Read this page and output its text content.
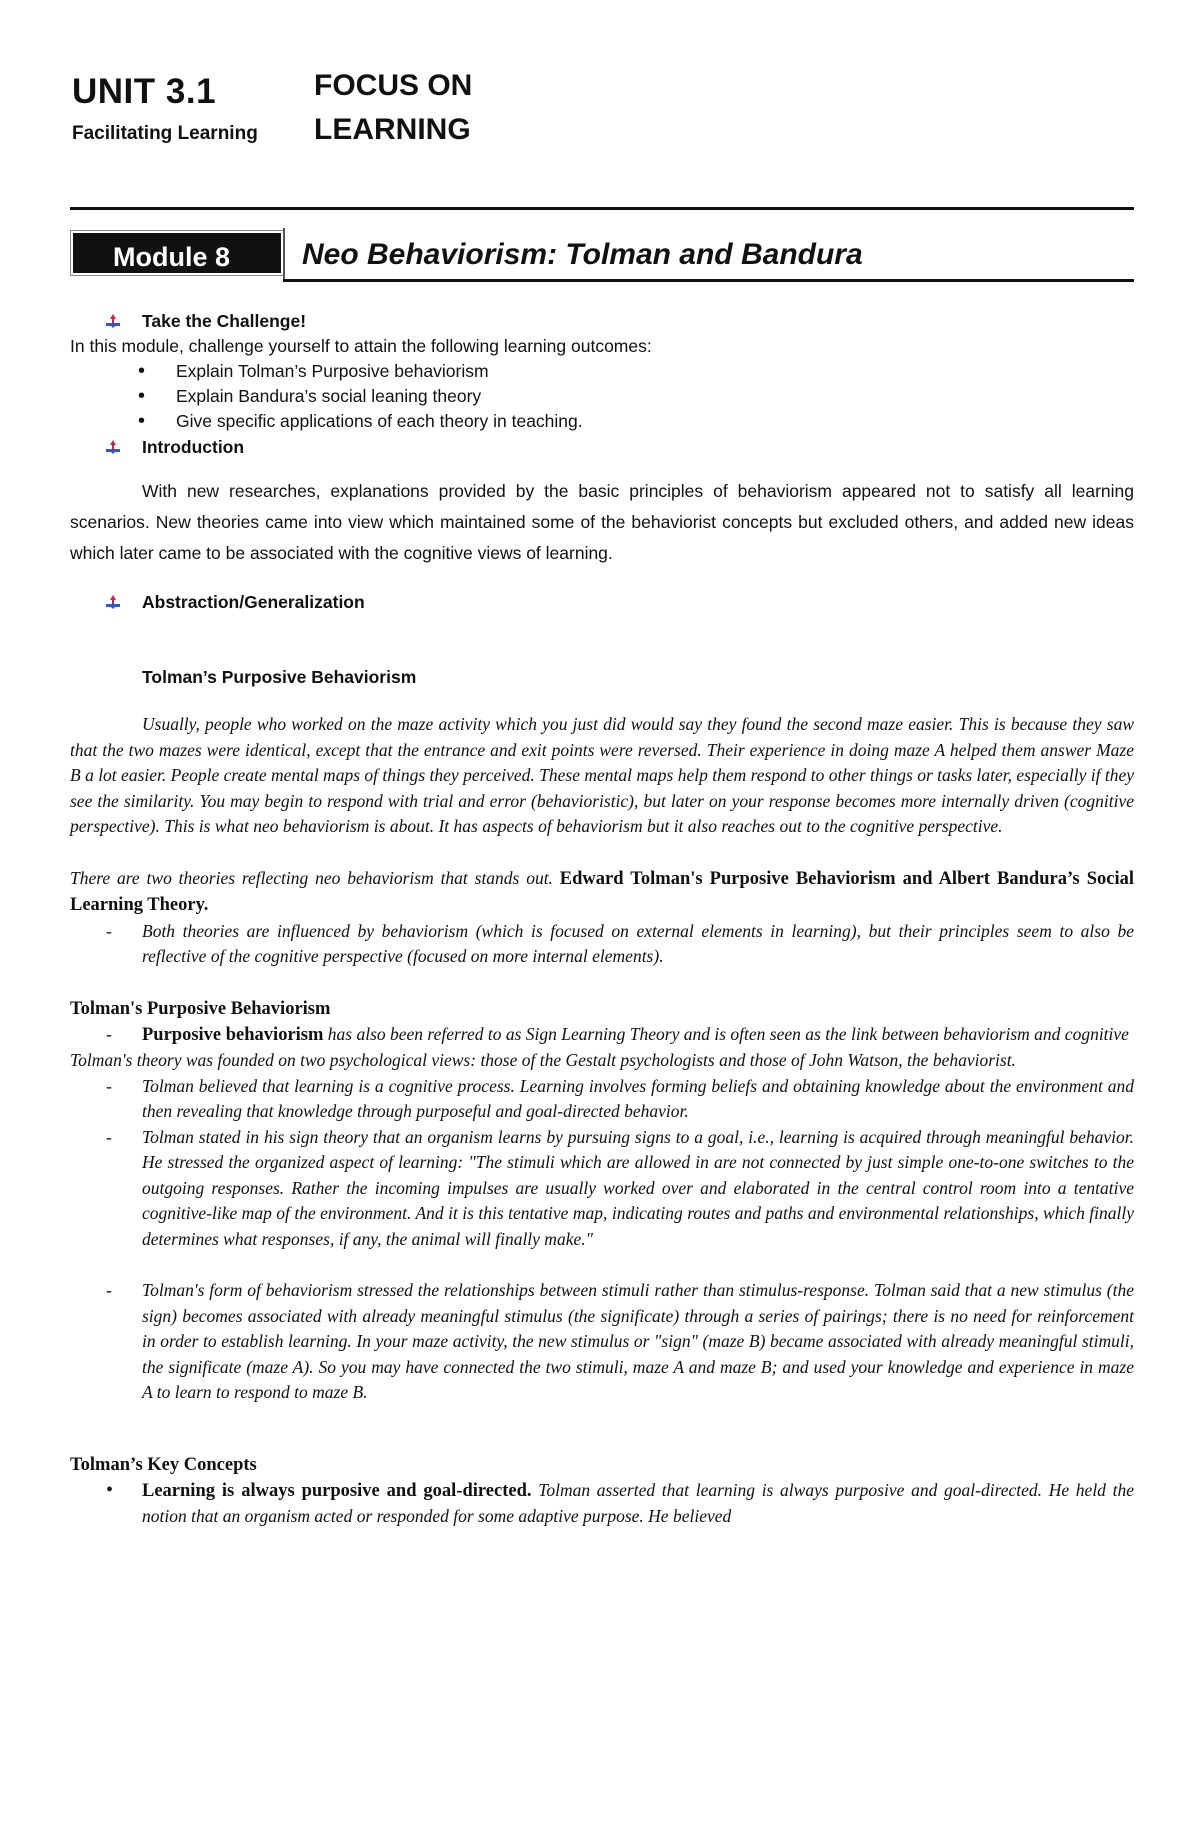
UNIT 3.1
Facilitating Learning
FOCUS ON LEARNING
Module 8 Neo Behaviorism: Tolman and Bandura
Take the Challenge!

In this module, challenge yourself to attain the following learning outcomes:

• Explain Tolman’s Purposive behaviorism
• Explain Bandura’s social leaning theory
• Give specific applications of each theory in teaching.
Introduction

With new researches, explanations provided by the basic principles of behaviorism appeared not to satisfy all learning scenarios. New theories came into view which maintained some of the behaviorist concepts but excluded others, and added new ideas which later came to be associated with the cognitive views of learning.

Abstraction/Generalization

Tolman’s Purposive Behaviorism

Usually, people who worked on the maze activity which you just did would say they found the second maze easier. This is because they saw that the two mazes were identical, except that the entrance and exit points were reversed. Their experience in doing maze A helped them answer Maze B a lot easier. People create mental maps of things they perceived. These mental maps help them respond to other things or tasks later, especially if they see the similarity. You may begin to respond with trial and error (behavioristic), but later on your response becomes more internally driven (cognitive perspective). This is what neo behaviorism is about. It has aspects of behaviorism but it also reaches out to the cognitive perspective.

There are two theories reflecting neo behaviorism that stands out. Edward Tolman's Purposive Behaviorism and Albert Bandura’s Social Learning Theory.

- Both theories are influenced by behaviorism (which is focused on external elements in learning), but their principles seem to also be reflective of the cognitive perspective (focused on more internal elements).

Tolman's Purposive Behaviorism

- Purposive behaviorism has also been referred to as Sign Learning Theory and is often seen as the link between behaviorism and cognitive

Tolman's theory was founded on two psychological views: those of the Gestalt psychologists and those of John Watson, the behaviorist.

- Tolman believed that learning is a cognitive process. Learning involves forming beliefs and obtaining knowledge about the environment and then revealing that knowledge through purposeful and goal-directed behavior.

- Tolman stated in his sign theory that an organism learns by pursuing signs to a goal, i.e., learning is acquired through meaningful behavior. He stressed the organized aspect of learning: "The stimuli which are allowed in are not connected by just simple one-to-one switches to the outgoing responses. Rather the incoming impulses are usually worked over and elaborated in the central control room into a tentative cognitive-like map of the environment. And it is this tentative map, indicating routes and paths and environmental relationships, which finally determines what responses, if any, the animal will finally make."

- Tolman's form of behaviorism stressed the relationships between stimuli rather than stimulus-response. Tolman said that a new stimulus (the sign) becomes associated with already meaningful stimulus (the significate) through a series of pairings; there is no need for reinforcement in order to establish learning. In your maze activity, the new stimulus or "sign" (maze B) became associated with already meaningful stimuli, the significate (maze A). So you may have connected the two stimuli, maze A and maze B; and used your knowledge and experience in maze A to learn to respond to maze B.

Tolman’s Key Concepts

• Learning is always purposive and goal-directed. Tolman asserted that learning is always purposive and goal-directed. He held the notion that an organism acted or responded for some adaptive purpose. He believed
